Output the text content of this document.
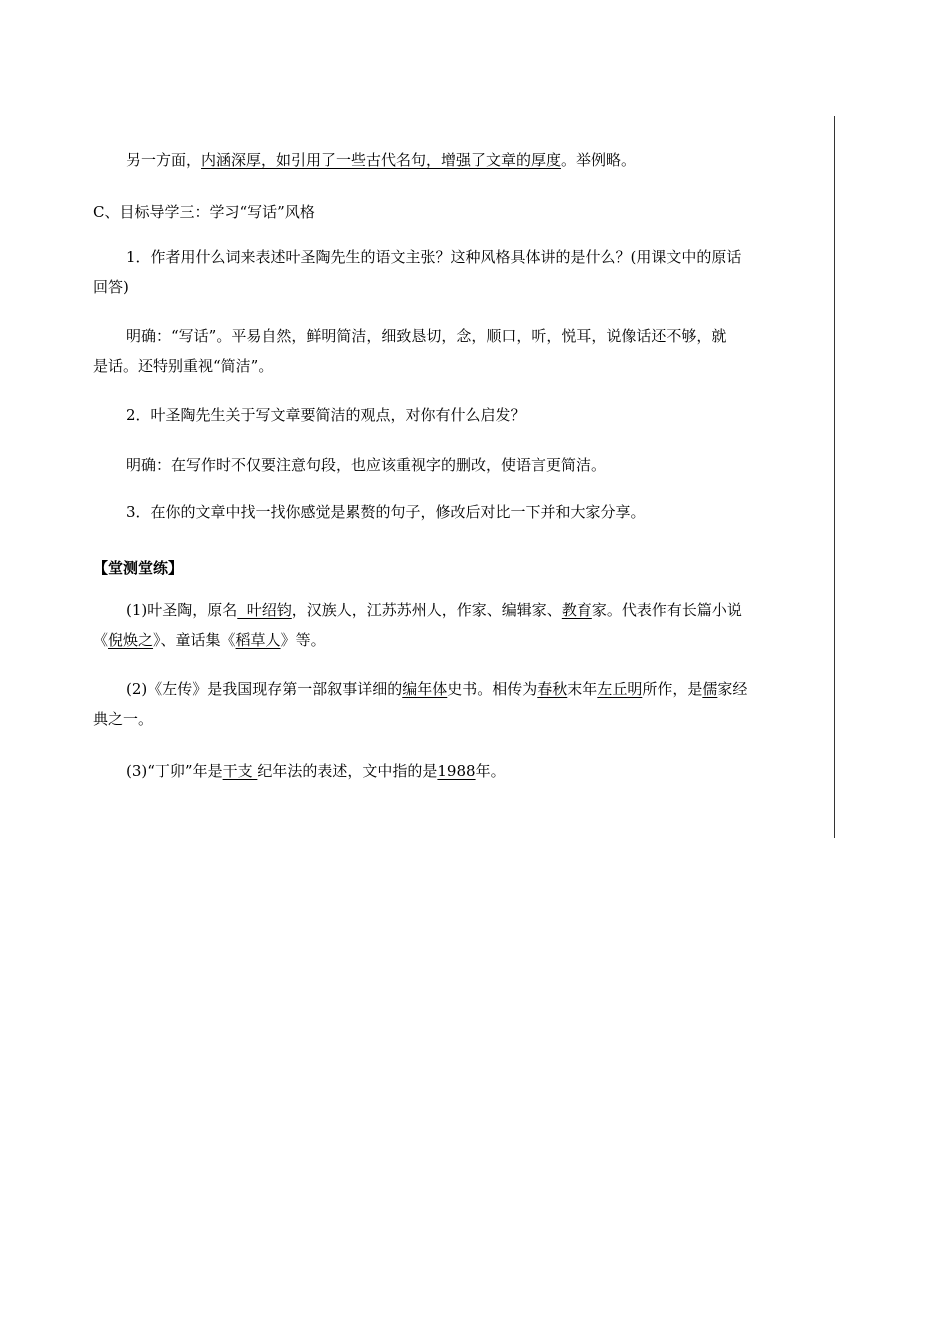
另一方面，内涵深厚，如引用了一些古代名句，增强了文章的厚度。举例略。
C、目标导学三：学习“写话”风格
1．作者用什么词来表述叶圣陶先生的语文主张？这种风格具体讲的是什么？(用课文中的原话
回答)
明确：“写话”。平易自然，鲜明简洁，细致恳切，念，顺口，听，悦耳，说像话还不够，就
是话。还特别重视“简洁”。
2．叶圣陶先生关于写文章要简洁的观点，对你有什么启发？
明确：在写作时不仅要注意句段，也应该重视字的删改，使语言更简洁。
3．在你的文章中找一找你感觉是累赘的句子，修改后对比一下并和大家分享。
【堂测堂练】
(1)叶圣陶，原名  叶绍钧，汉族人，江苏苏州人，作家、编辑家、教育家。代表作有长篇小说
《倪焕之》、童话集《稻草人》等。
(2)《左传》是我国现存第一部叙事详细的编年体史书。相传为春秋末年左丘明所作，是儒家经
典之一。
(3)“丁卯”年是干支 纪年法的表述，文中指的是1988年。
